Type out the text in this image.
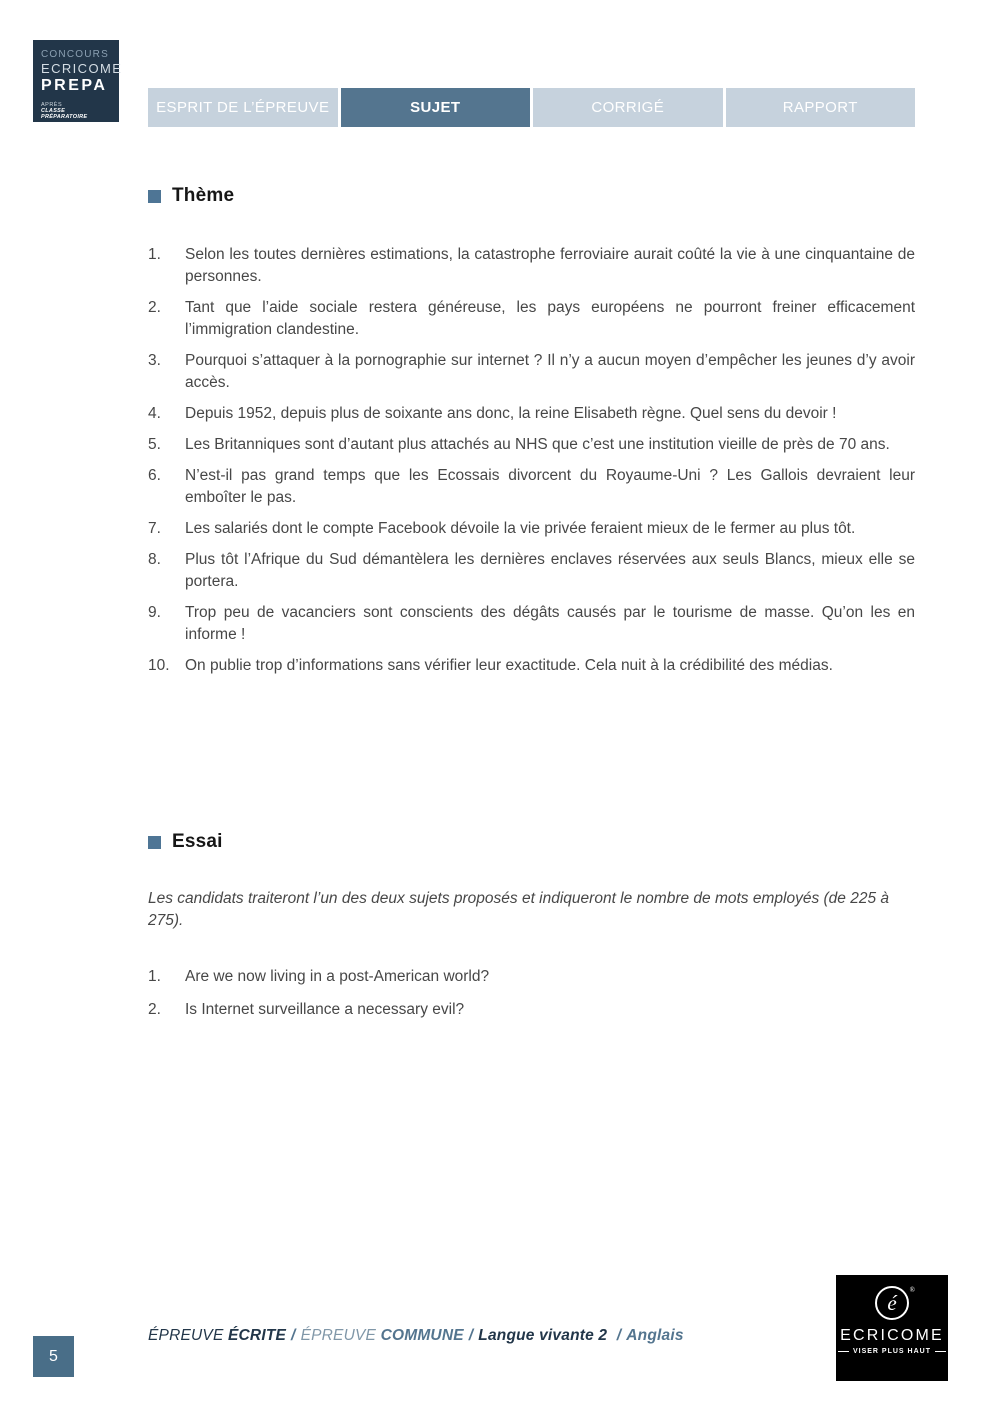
CONCOURS
ECRICOME
PREPA
APRÈS
CLASSE PRÉPARATOIRE
ESPRIT DE L’ÉPREUVE	SUJET	CORRIGÉ	RAPPORT
Thème
1.	Selon les toutes dernières estimations, la catastrophe ferroviaire aurait coûté la vie à une cinquantaine de personnes.
2.	Tant que l’aide sociale restera généreuse, les pays européens ne pourront freiner efficacement l’immigration clandestine.
3.	Pourquoi s’attaquer à la pornographie sur internet ? Il n’y a aucun moyen d’empêcher les jeunes d’y avoir accès.
4.	Depuis 1952, depuis plus de soixante ans donc, la reine Elisabeth règne. Quel sens du devoir !
5.	Les Britanniques sont d’autant plus attachés au NHS que c’est une institution vieille de près de 70 ans.
6.	N’est-il pas grand temps que les Ecossais divorcent du Royaume-Uni ? Les Gallois devraient leur emboîter le pas.
7.	Les salariés dont le compte Facebook dévoile la vie privée feraient mieux de le fermer au plus tôt.
8.	Plus tôt l’Afrique du Sud démantèlera les dernières enclaves réservées aux seuls Blancs, mieux elle se portera.
9.	Trop peu de vacanciers sont conscients des dégâts causés par le tourisme de masse. Qu’on les en informe !
10. On publie trop d’informations sans vérifier leur exactitude. Cela nuit à la crédibilité des médias.
Essai
Les candidats traiteront l’un des deux sujets proposés et indiqueront le nombre de mots employés (de 225 à 275).
1.	Are we now living in a post-American world?
2.	Is Internet surveillance a necessary evil?
ÉPREUVE ÉCRITE / ÉPREUVE COMMUNE / Langue vivante 2 / Anglais
5
é
®
ECRICOME
VISER PLUS HAUT
